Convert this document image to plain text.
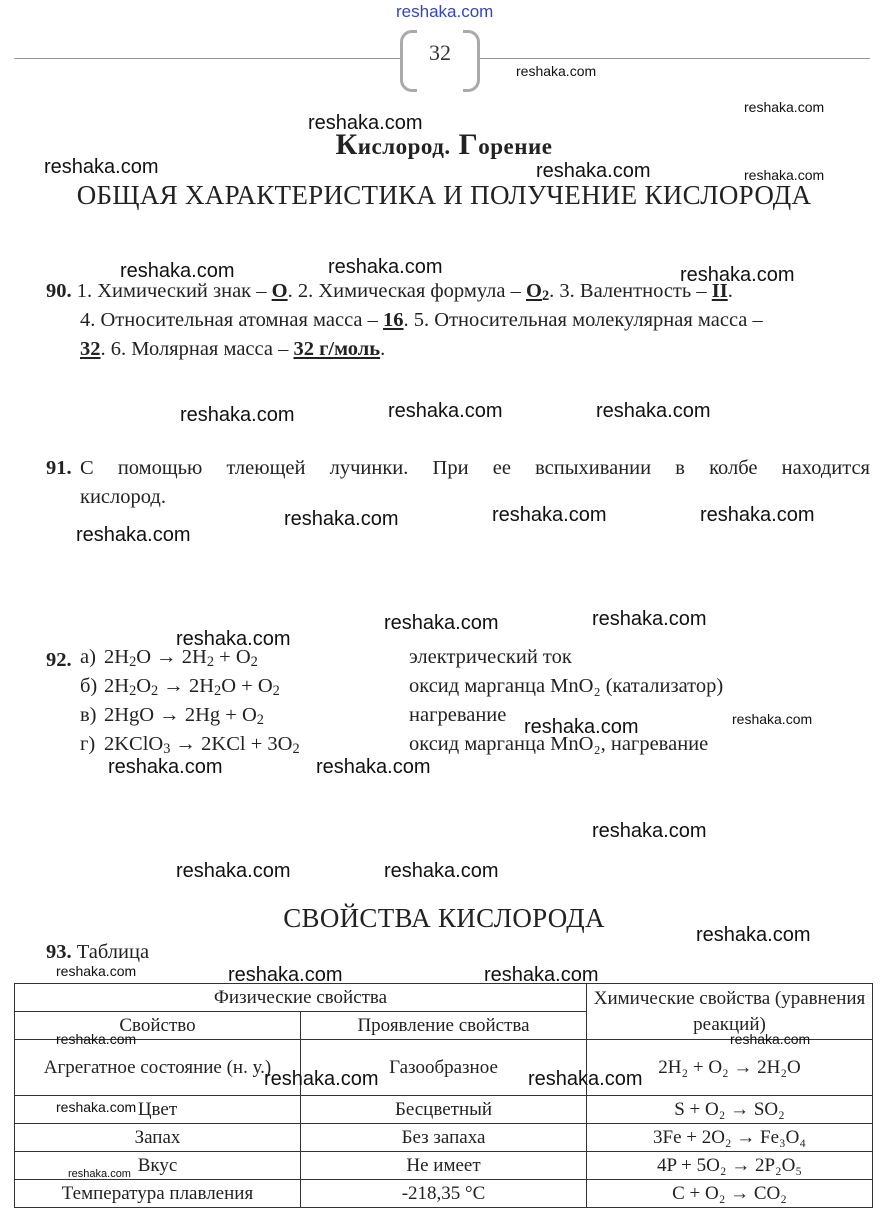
reshaka.com
32
Кислород. Горение
ОБЩАЯ ХАРАКТЕРИСТИКА И ПОЛУЧЕНИЕ КИСЛОРОДА
90. 1. Химический знак – О. 2. Химическая формула – $O_2$. 3. Валентность – II.
4. Относительная атомная масса – 16. 5. Относительная молекулярная масса –
32. 6. Молярная масса – 32 г/моль.
91. С помощью тлеющей лучинки. При ее вспыхивании в колбе находится
кислород.
92. а) $2H_2O \to 2H_2 + O_2$	электрический ток
б) $2H_2O_2 \to 2H_2O + O_2$	оксид марганца MnO₂ (катализатор)
в) $2HgO \to 2Hg + O_2$	нагревание
г) 2KClO$_3$ → $2KCl + 3O_2$	оксид марганца MnO₂, нагревание
СВОЙСТВА КИСЛОРОДА
93. Таблица
Физические свойства		Химические свойства (уравнения реакций)
Свойство	Проявление свойства	
Агрегатное состояние (н. у.)	Газообразное	2H₂ + O₂ → 2H₂O
Цвет	Бесцветный	S + O₂ → SO₂
Запах	Без запаха	3Fe + 2O₂ → Fe₃O₄
Вкус	Не имеет	4P + 5O₂ → 2P₂O₅
Температура плавления	-218,35 °С	C + O₂ → CO₂
reshaka.com
reshaka.com
reshaka.com
reshaka.com	reshaka.com	reshaka.com
reshaka.com	reshaka.com	reshaka.com
reshaka.com	reshaka.com	reshaka.com
reshaka.com	reshaka.com	reshaka.com
reshaka.com
reshaka.com
reshaka.com
reshaka.com
reshaka.com	reshaka.com
reshaka.com	reshaka.com
reshaka.com
reshaka.com	reshaka.com
reshaka.com
reshaka.com	reshaka.com	reshaka.com
reshaka.com	reshaka.com
reshaka.com	reshaka.com
reshaka.com
reshaka.com
